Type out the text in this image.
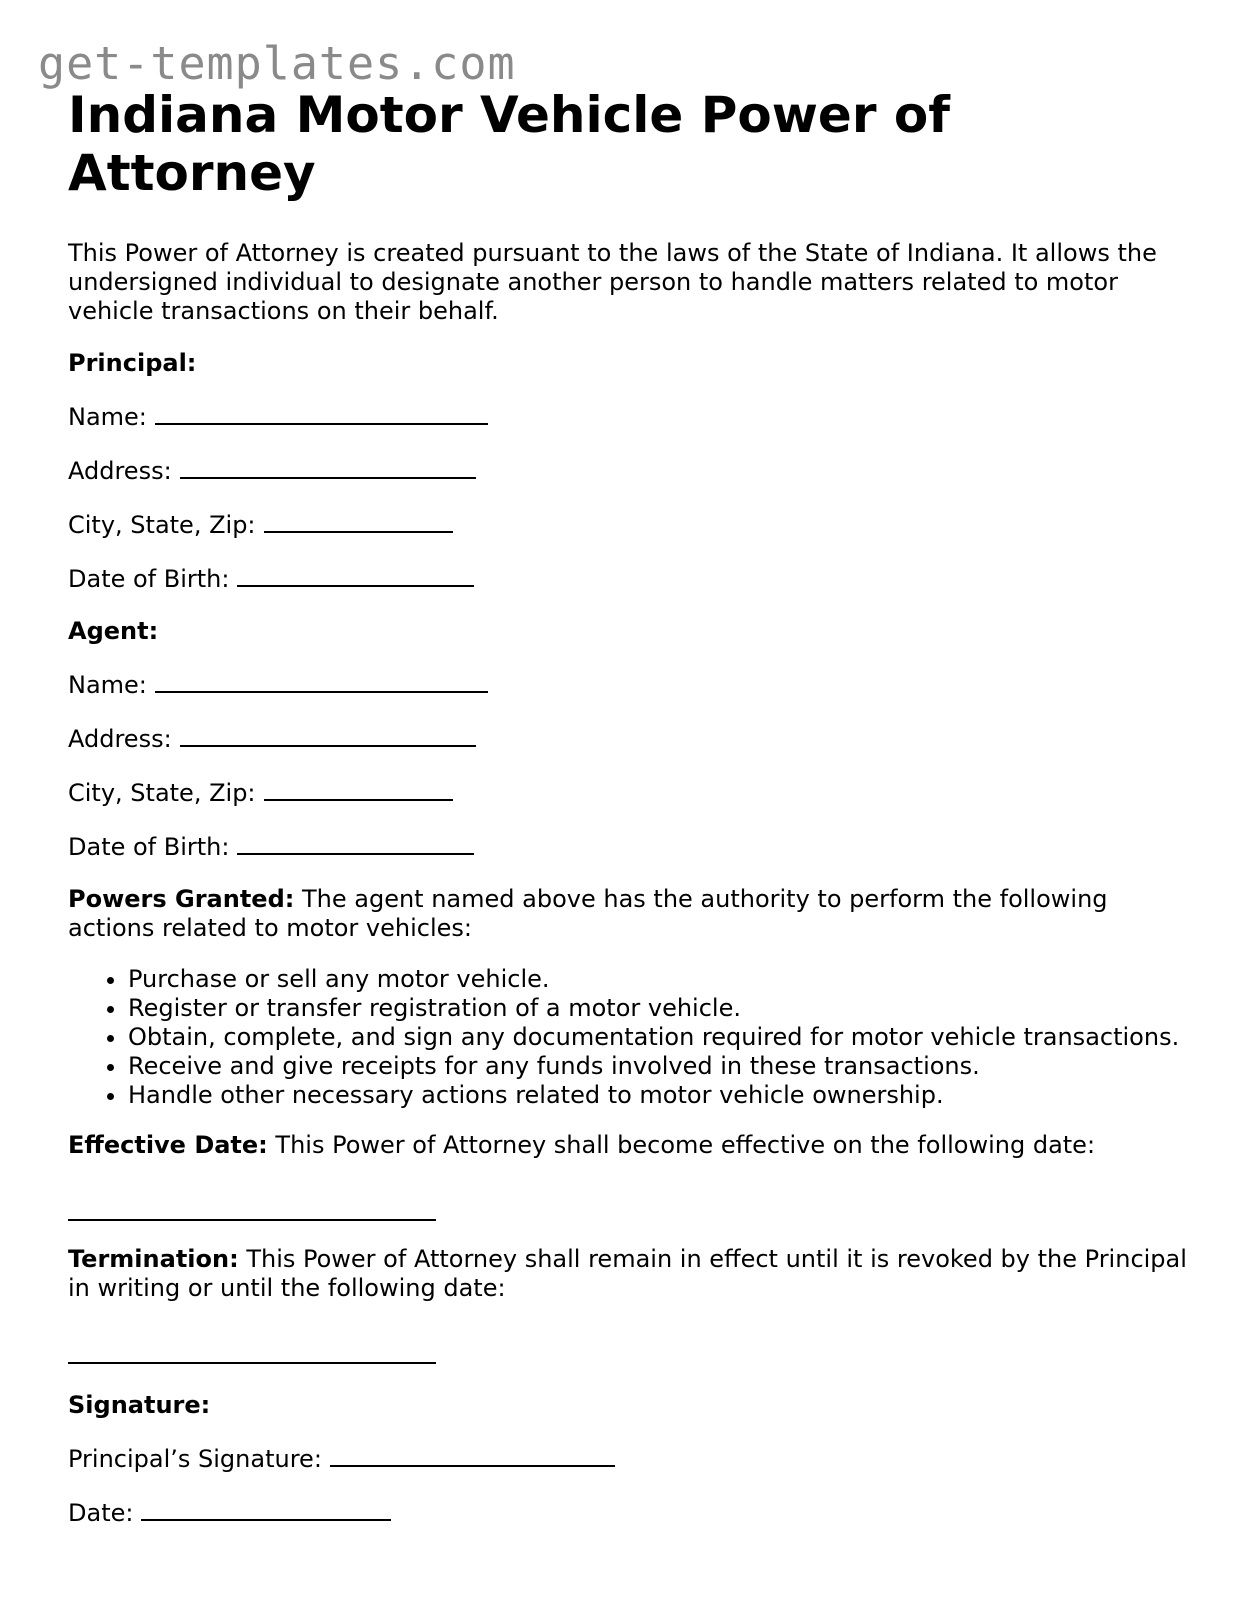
get-templates.com
Indiana Motor Vehicle Power of Attorney

This Power of Attorney is created pursuant to the laws of the State of Indiana. It allows the undersigned individual to designate another person to handle matters related to motor vehicle transactions on their behalf.

Principal:

Name:

Address:

City, State, Zip:

Date of Birth:

Agent:

Name:

Address:

City, State, Zip:

Date of Birth:

Powers Granted: The agent named above has the authority to perform the following actions related to motor vehicles:

• Purchase or sell any motor vehicle.
• Register or transfer registration of a motor vehicle.
• Obtain, complete, and sign any documentation required for motor vehicle transactions.
• Receive and give receipts for any funds involved in these transactions.
• Handle other necessary actions related to motor vehicle ownership.

Effective Date: This Power of Attorney shall become effective on the following date:

Termination: This Power of Attorney shall remain in effect until it is revoked by the Principal in writing or until the following date:

Signature:

Principal’s Signature:

Date:
